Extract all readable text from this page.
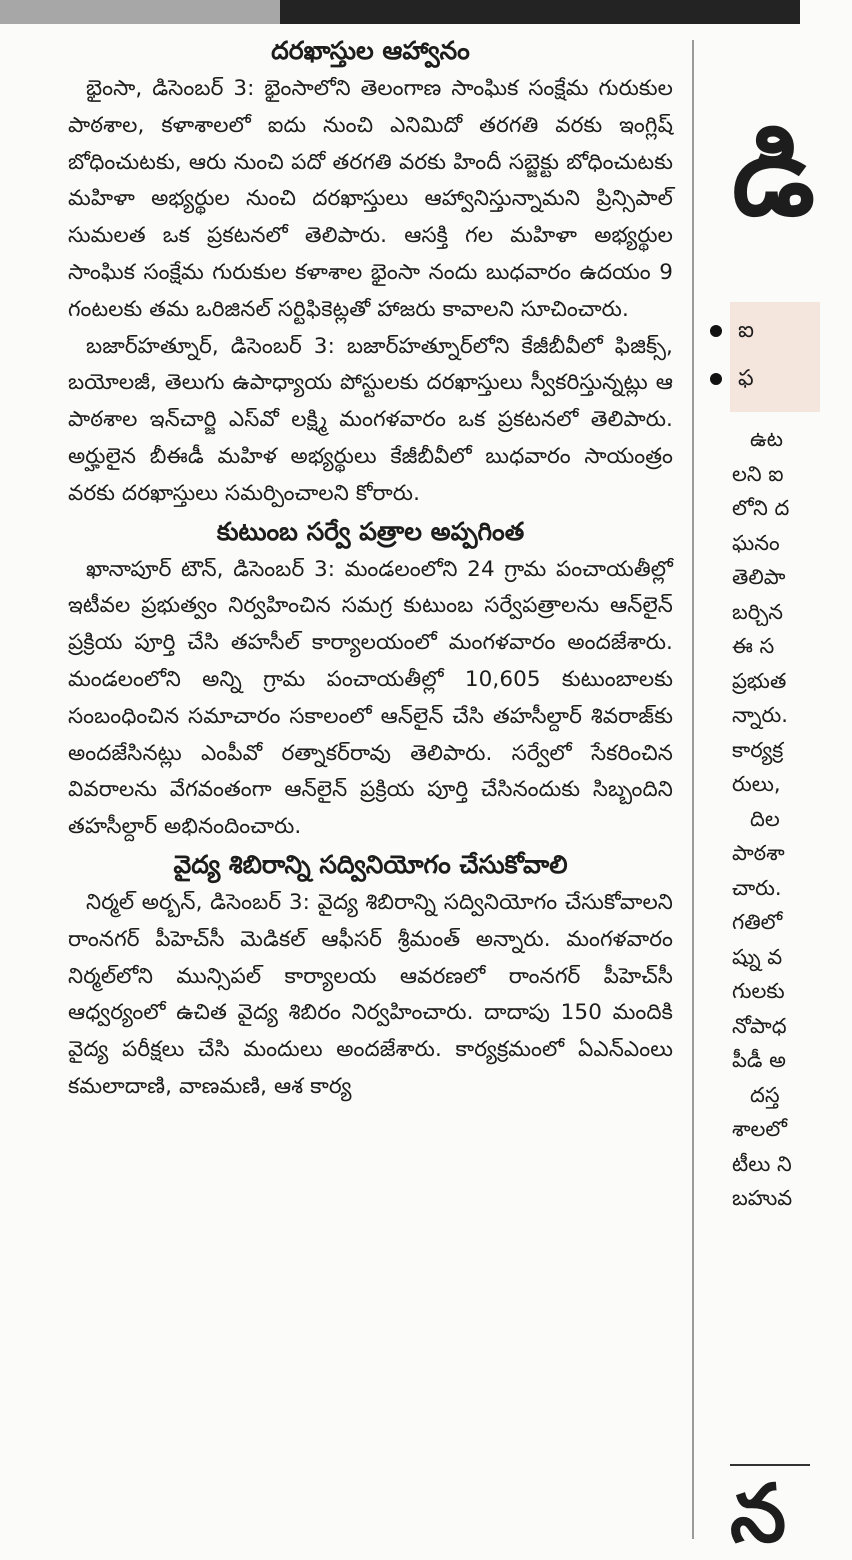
దరఖాస్తుల ఆహ్వానం

భైంసా, డిసెంబర్ 3: భైంసాలోని తెలంగాణ సాంఘిక సంక్షేమ గురుకుల పాఠశాల, కళాశాలలో ఐదు నుంచి ఎనిమిదో తరగతి వరకు ఇంగ్లిష్ బోధించుటకు, ఆరు నుంచి పదో తరగతి వరకు హిందీ సబ్జెక్టు బోధించుటకు మహిళా అభ్యర్థుల నుంచి దరఖాస్తులు ఆహ్వానిస్తున్నామని ప్రిన్సిపాల్ సుమలత ఒక ప్రకటనలో తెలిపారు. ఆసక్తి గల మహిళా అభ్యర్థుల సాంఘిక సంక్షేమ గురుకుల కళాశాల భైంసా నందు బుధవారం ఉదయం 9 గంటలకు తమ ఒరిజినల్ సర్టిఫికెట్లతో హాజరు కావాలని సూచించారు.

బజార్‌హత్నూర్, డిసెంబర్ 3: బజార్‌హత్నూర్‌లోని కేజీబీవీలో ఫిజిక్స్, బయోలజీ, తెలుగు ఉపాధ్యాయ పోస్టులకు దరఖాస్తులు స్వీకరిస్తున్నట్లు ఆ పాఠశాల ఇన్‌చార్జి ఎస్‌వో లక్ష్మి మంగళవారం ఒక ప్రకటనలో తెలిపారు. అర్హులైన బీఈడీ మహిళ అభ్యర్థులు కేజీబీవీలో బుధవారం సాయంత్రం వరకు దరఖాస్తులు సమర్పించాలని కోరారు.

కుటుంబ సర్వే పత్రాల అప్పగింత

ఖానాపూర్ టౌన్, డిసెంబర్ 3: మండలంలోని 24 గ్రామ పంచాయతీల్లో ఇటీవల ప్రభుత్వం నిర్వహించిన సమగ్ర కుటుంబ సర్వేపత్రాలను ఆన్‌లైన్ ప్రక్రియ పూర్తి చేసి తహసీల్ కార్యాలయంలో మంగళవారం అందజేశారు. మండలంలోని అన్ని గ్రామ పంచాయతీల్లో 10,605 కుటుంబాలకు సంబంధించిన సమాచారం సకాలంలో ఆన్‌లైన్ చేసి తహసీల్దార్ శివరాజ్‌కు అందజేసినట్లు ఎంపీవో రత్నాకర్‌రావు తెలిపారు. సర్వేలో సేకరించిన వివరాలను వేగవంతంగా ఆన్‌లైన్ ప్రక్రియ పూర్తి చేసినందుకు సిబ్బందిని తహసీల్దార్ అభినందించారు.

వైద్య శిబిరాన్ని సద్వినియోగం చేసుకోవాలి

నిర్మల్ అర్బన్, డిసెంబర్ 3: వైద్య శిబిరాన్ని సద్వినియోగం చేసుకోవాలని రాంనగర్ పీహెచ్‌సీ మెడికల్ ఆఫీసర్ శ్రీమంత్ అన్నారు. మంగళవారం నిర్మల్‌లోని మున్సిపల్ కార్యాలయ ఆవరణలో రాంనగర్ పీహెచ్‌సీ ఆధ్వర్యంలో ఉచిత వైద్య శిబిరం నిర్వహించారు. దాదాపు 150 మందికి వైద్య పరీక్షలు చేసి మందులు అందజేశారు. కార్యక్రమంలో ఏఎన్‌ఎంలు కమలాదాణి, వాణమణి, ఆశ కార్య

డి
ఐ
ఫ
ఉట
లని ఐ
లోని ద
ఘనం
తెలిపా
బర్చిన
ఈ స
ప్రభుత
న్నారు.
కార్యక్ర
రులు,
దిల
పాఠశా
చారు.
గతిలో
ష్ను వ
గులకు
నోపాధ
పీడీ అ
దస్త
శాలలో
టీలు ని
బహువ
న
